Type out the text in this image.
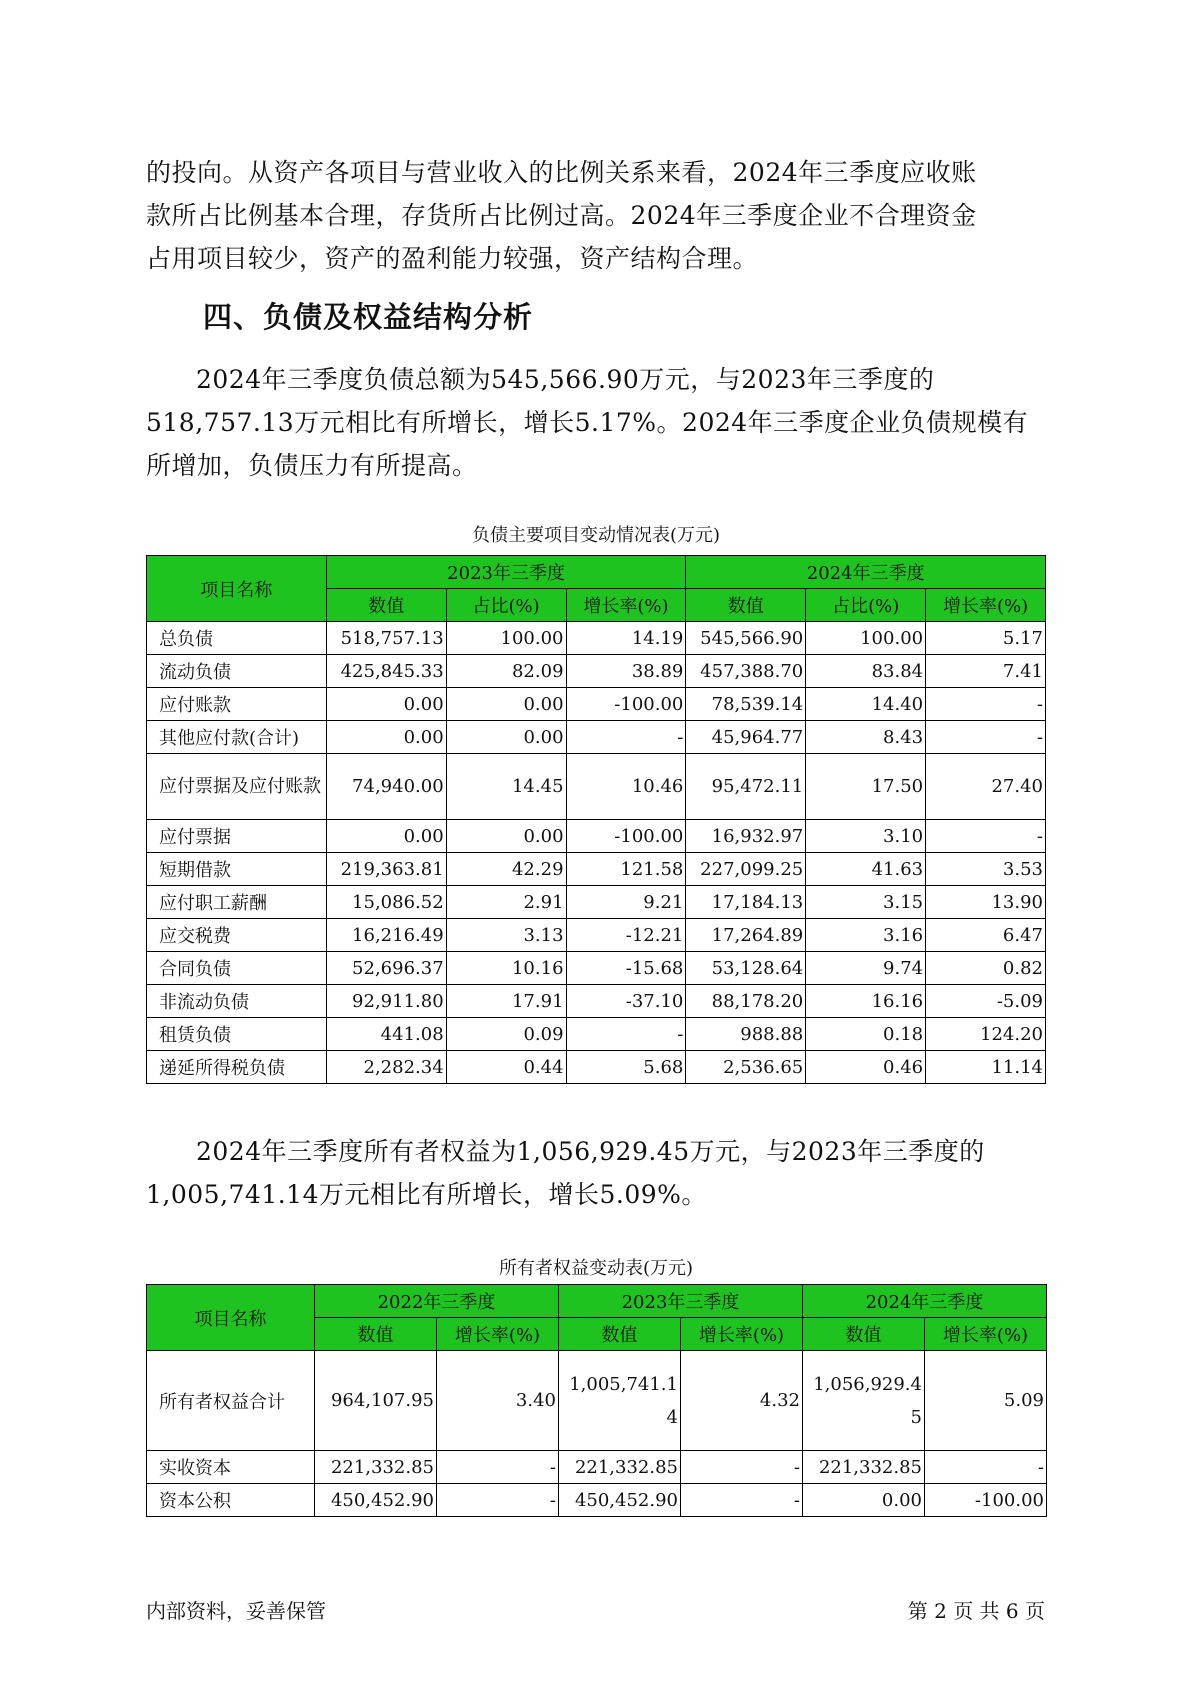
的投向。从资产各项目与营业收入的比例关系来看，2024年三季度应收账
款所占比例基本合理，存货所占比例过高。2024年三季度企业不合理资金
占用项目较少，资产的盈利能力较强，资产结构合理。

四、负债及权益结构分析

2024年三季度负债总额为545,566.90万元，与2023年三季度的
518,757.13万元相比有所增长，增长5.17%。2024年三季度企业负债规模有
所增加，负债压力有所提高。

负债主要项目变动情况表(万元)
项目名称	2023年三季度			2024年三季度		
	数值	占比(%)	增长率(%)	数值	占比(%)	增长率(%)
总负债	518,757.13	100.00	14.19	545,566.90	100.00	5.17
流动负债	425,845.33	82.09	38.89	457,388.70	83.84	7.41
应付账款	0.00	0.00	-100.00	78,539.14	14.40	-
其他应付款(合计)	0.00	0.00	-	45,964.77	8.43	-
应付票据及应付账款	74,940.00	14.45	10.46	95,472.11	17.50	27.40
应付票据	0.00	0.00	-100.00	16,932.97	3.10	-
短期借款	219,363.81	42.29	121.58	227,099.25	41.63	3.53
应付职工薪酬	15,086.52	2.91	9.21	17,184.13	3.15	13.90
应交税费	16,216.49	3.13	-12.21	17,264.89	3.16	6.47
合同负债	52,696.37	10.16	-15.68	53,128.64	9.74	0.82
非流动负债	92,911.80	17.91	-37.10	88,178.20	16.16	-5.09
租赁负债	441.08	0.09	-	988.88	0.18	124.20
递延所得税负债	2,282.34	0.44	5.68	2,536.65	0.46	11.14

2024年三季度所有者权益为1,056,929.45万元，与2023年三季度的
1,005,741.14万元相比有所增长，增长5.09%。

所有者权益变动表(万元)
项目名称	2022年三季度		2023年三季度		2024年三季度	
	数值	增长率(%)	数值	增长率(%)	数值	增长率(%)
所有者权益合计	964,107.95	3.40	1,005,741.14	4.32	1,056,929.45	5.09
实收资本	221,332.85	-	221,332.85	-	221,332.85	-
资本公积	450,452.90	-	450,452.90	-	0.00	-100.00
内部资料，妥善保管	第 2 页 共 6 页
